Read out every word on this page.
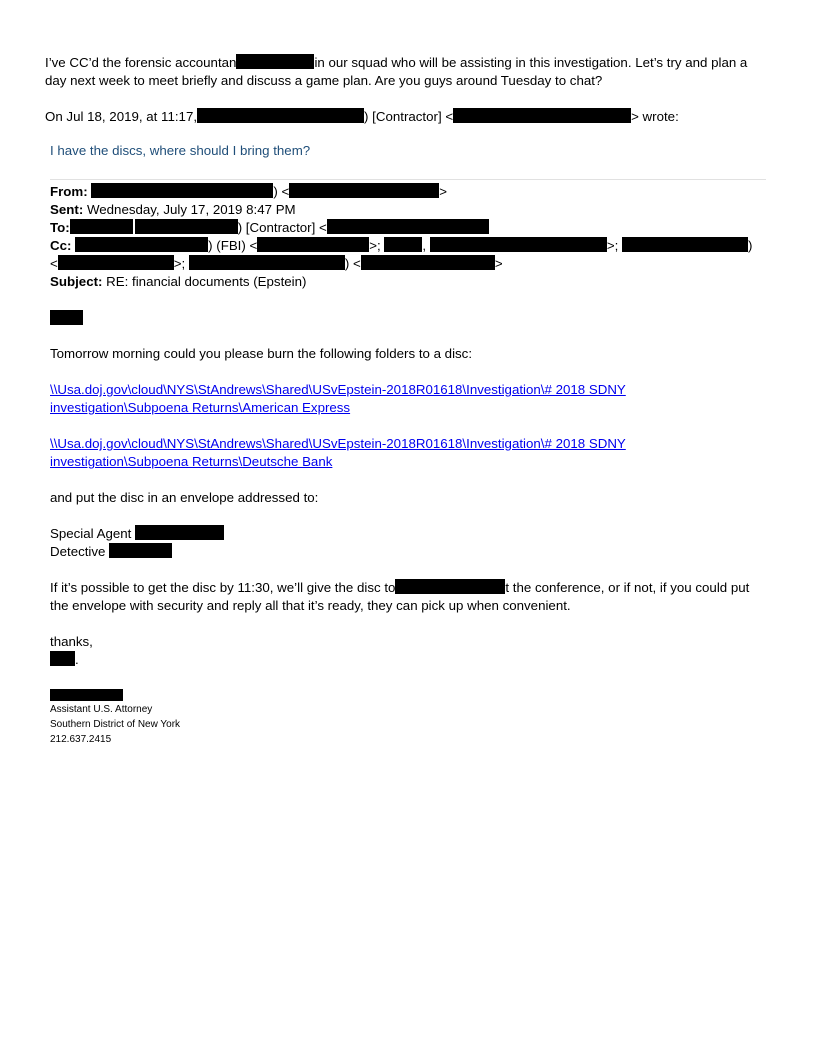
I’ve CC’d the forensic accountan	in our squad who will be assisting in this investigation. Let’s try and plan a
day next week to meet briefly and discuss a game plan. Are you guys around Tuesday to chat?
On Jul 18, 2019, at 11:17,	) [Contractor] <	> wrote:
I have the discs, where should I bring them?
From:	) <	>
Sent: Wednesday, July 17, 2019 8:47 PM
To:	) [Contractor] <
Cc:	) (FBI) <	>;	,	>;	)
<	>;	) <	>
Subject: RE: financial documents (Epstein)
Tomorrow morning could you please burn the following folders to a disc:
\\Usa.doj.gov\cloud\NYS\StAndrews\Shared\USvEpstein-2018R01618\Investigation\# 2018 SDNY
investigation\Subpoena Returns\American Express
\\Usa.doj.gov\cloud\NYS\StAndrews\Shared\USvEpstein-2018R01618\Investigation\# 2018 SDNY
investigation\Subpoena Returns\Deutsche Bank
and put the disc in an envelope addressed to:
Special Agent
Detective
If it’s possible to get the disc by 11:30, we’ll give the disc to	t the conference, or if not, if you could put
the envelope with security and reply all that it’s ready, they can pick up when convenient.
thanks,
.
Assistant U.S. Attorney
Southern District of New York
212.637.2415
